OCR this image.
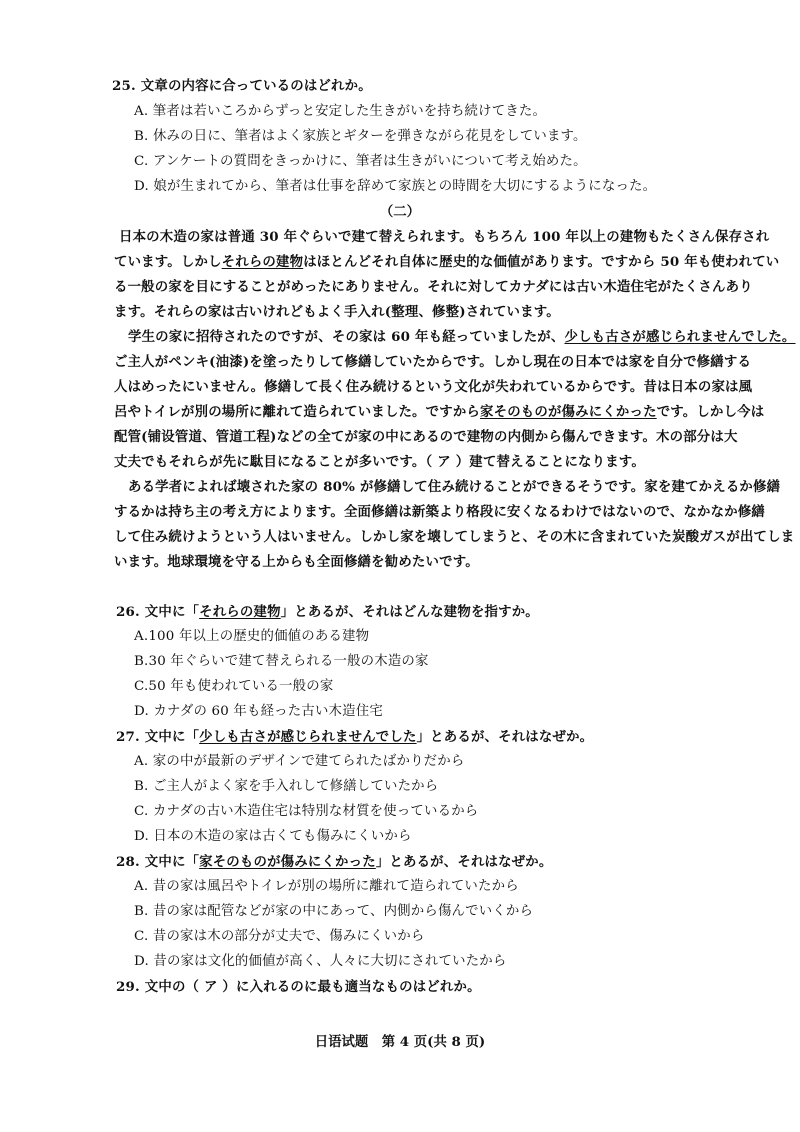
25. 文章の内容に合っているのはどれか。
A. 筆者は若いころからずっと安定した生きがいを持ち続けてきた。
B. 休みの日に、筆者はよく家族とギターを弾きながら花見をしています。
C. アンケートの質問をきっかけに、筆者は生きがいについて考え始めた。
D. 娘が生まれてから、筆者は仕事を辞めて家族との時間を大切にするようになった。
（二）
日本の木造の家は普通 30 年ぐらいで建て替えられます。もちろん 100 年以上の建物もたくさん保存され
ています。しかしそれらの建物はほとんどそれ自体に歴史的な価値があります。ですから 50 年も使われてい
る一般の家を目にすることがめったにありません。それに対してカナダには古い木造住宅がたくさんあり
ます。それらの家は古いけれどもよく手入れ(整理、修整)されています。
学生の家に招待されたのですが、その家は 60 年も経っていましたが、少しも古さが感じられませんでした。
ご主人がペンキ(油漆)を塗ったりして修繕していたからです。しかし現在の日本では家を自分で修繕する
人はめったにいません。修繕して長く住み続けるという文化が失われているからです。昔は日本の家は風
呂やトイレが別の場所に離れて造られていました。ですから家そのものが傷みにくかったです。しかし今は
配管(铺设管道、管道工程)などの全てが家の中にあるので建物の内側から傷んできます。木の部分は大
丈夫でもそれらが先に駄目になることが多いです。（ ア ）建て替えることになります。
ある学者によれば壊された家の 80% が修繕して住み続けることができるそうです。家を建てかえるか修繕
するかは持ち主の考え方によります。全面修繕は新築より格段に安くなるわけではないので、なかなか修繕
して住み続けようという人はいません。しかし家を壊してしまうと、その木に含まれていた炭酸ガスが出てしま
います。地球環境を守る上からも全面修繕を勧めたいです。
26. 文中に「それらの建物」とあるが、それはどんな建物を指すか。
A.100 年以上の歴史的価値のある建物
B.30 年ぐらいで建て替えられる一般の木造の家
C.50 年も使われている一般の家
D. カナダの 60 年も経った古い木造住宅
27. 文中に「少しも古さが感じられませんでした」とあるが、それはなぜか。
A. 家の中が最新のデザインで建てられたばかりだから
B. ご主人がよく家を手入れして修繕していたから
C. カナダの古い木造住宅は特別な材質を使っているから
D. 日本の木造の家は古くても傷みにくいから
28. 文中に「家そのものが傷みにくかった」とあるが、それはなぜか。
A. 昔の家は風呂やトイレが別の場所に離れて造られていたから
B. 昔の家は配管などが家の中にあって、内側から傷んでいくから
C. 昔の家は木の部分が丈夫で、傷みにくいから
D. 昔の家は文化的価値が高く、人々に大切にされていたから
29. 文中の（ ア ）に入れるのに最も適当なものはどれか。
日语试题　第 4 页(共 8 页)
